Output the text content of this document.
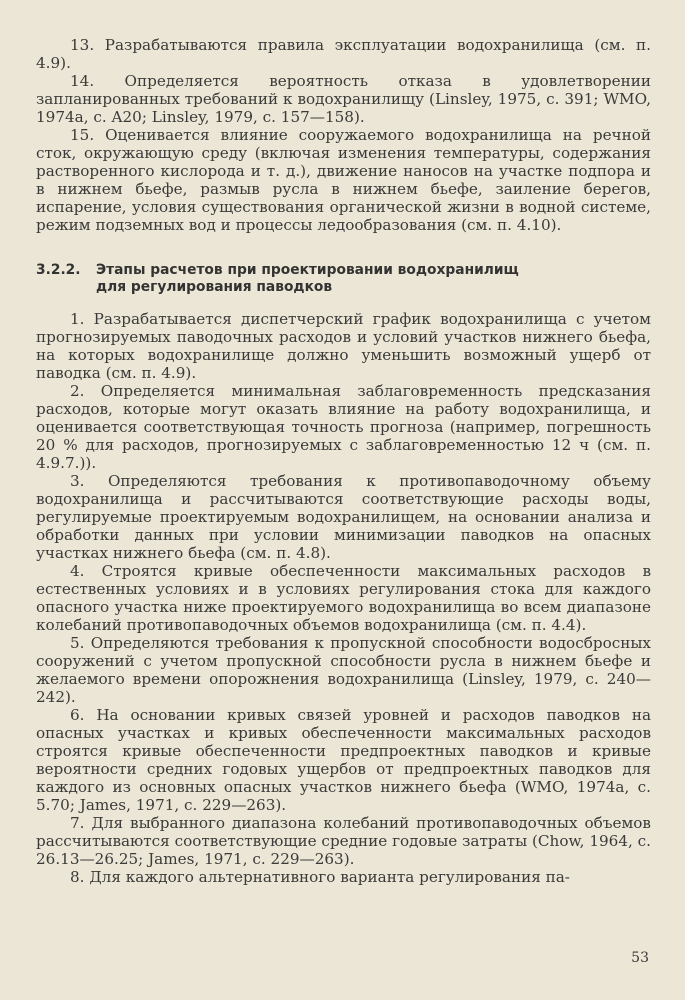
13. Разрабатываются правила эксплуатации водохранилища (см. п. 4.9).

14. Определяется вероятность отказа в удовлетворении запланированных требований к водохранилищу (Linsley, 1975, с. 391; WMO, 1974a, с. A20; Linsley, 1979, с. 157—158).

15. Оценивается влияние сооружаемого водохранилища на речной сток, окружающую среду (включая изменения температуры, содержания растворенного кислорода и т. д.), движение наносов на участке подпора и в нижнем бьефе, размыв русла в нижнем бьефе, заиление берегов, испарение, условия существования органической жизни в водной системе, режим подземных вод и процессы ледообразования (см. п. 4.10).

3.2.2. Этапы расчетов при проектировании водохранилищ
для регулирования паводков

1. Разрабатывается диспетчерский график водохранилища с учетом прогнозируемых паводочных расходов и условий участков нижнего бьефа, на которых водохранилище должно уменьшить возможный ущерб от паводка (см. п. 4.9).

2. Определяется минимальная заблаговременность предсказания расходов, которые могут оказать влияние на работу водохранилища, и оценивается соответствующая точность прогноза (например, погрешность 20 % для расходов, прогнозируемых с заблаговременностью 12 ч (см. п. 4.9.7.)).

3. Определяются требования к противопаводочному объему водохранилища и рассчитываются соответствующие расходы воды, регулируемые проектируемым водохранилищем, на основании анализа и обработки данных при условии минимизации паводков на опасных участках нижнего бьефа (см. п. 4.8).

4. Строятся кривые обеспеченности максимальных расходов в естественных условиях и в условиях регулирования стока для каждого опасного участка ниже проектируемого водохранилища во всем диапазоне колебаний противопаводочных объемов водохранилища (см. п. 4.4).

5. Определяются требования к пропускной способности водосбросных сооружений с учетом пропускной способности русла в нижнем бьефе и желаемого времени опорожнения водохранилища (Linsley, 1979, с. 240—242).

6. На основании кривых связей уровней и расходов паводков на опасных участках и кривых обеспеченности максимальных расходов строятся кривые обеспеченности предпроектных паводков и кривые вероятности средних годовых ущербов от предпроектных паводков для каждого из основных опасных участков нижнего бьефа (WMO, 1974a, с. 5.70; James, 1971, с. 229—263).

7. Для выбранного диапазона колебаний противопаводочных объемов рассчитываются соответствующие средние годовые затраты (Chow, 1964, с. 26.13—26.25; James, 1971, с. 229—263).

8. Для каждого альтернативного варианта регулирования па-

53
